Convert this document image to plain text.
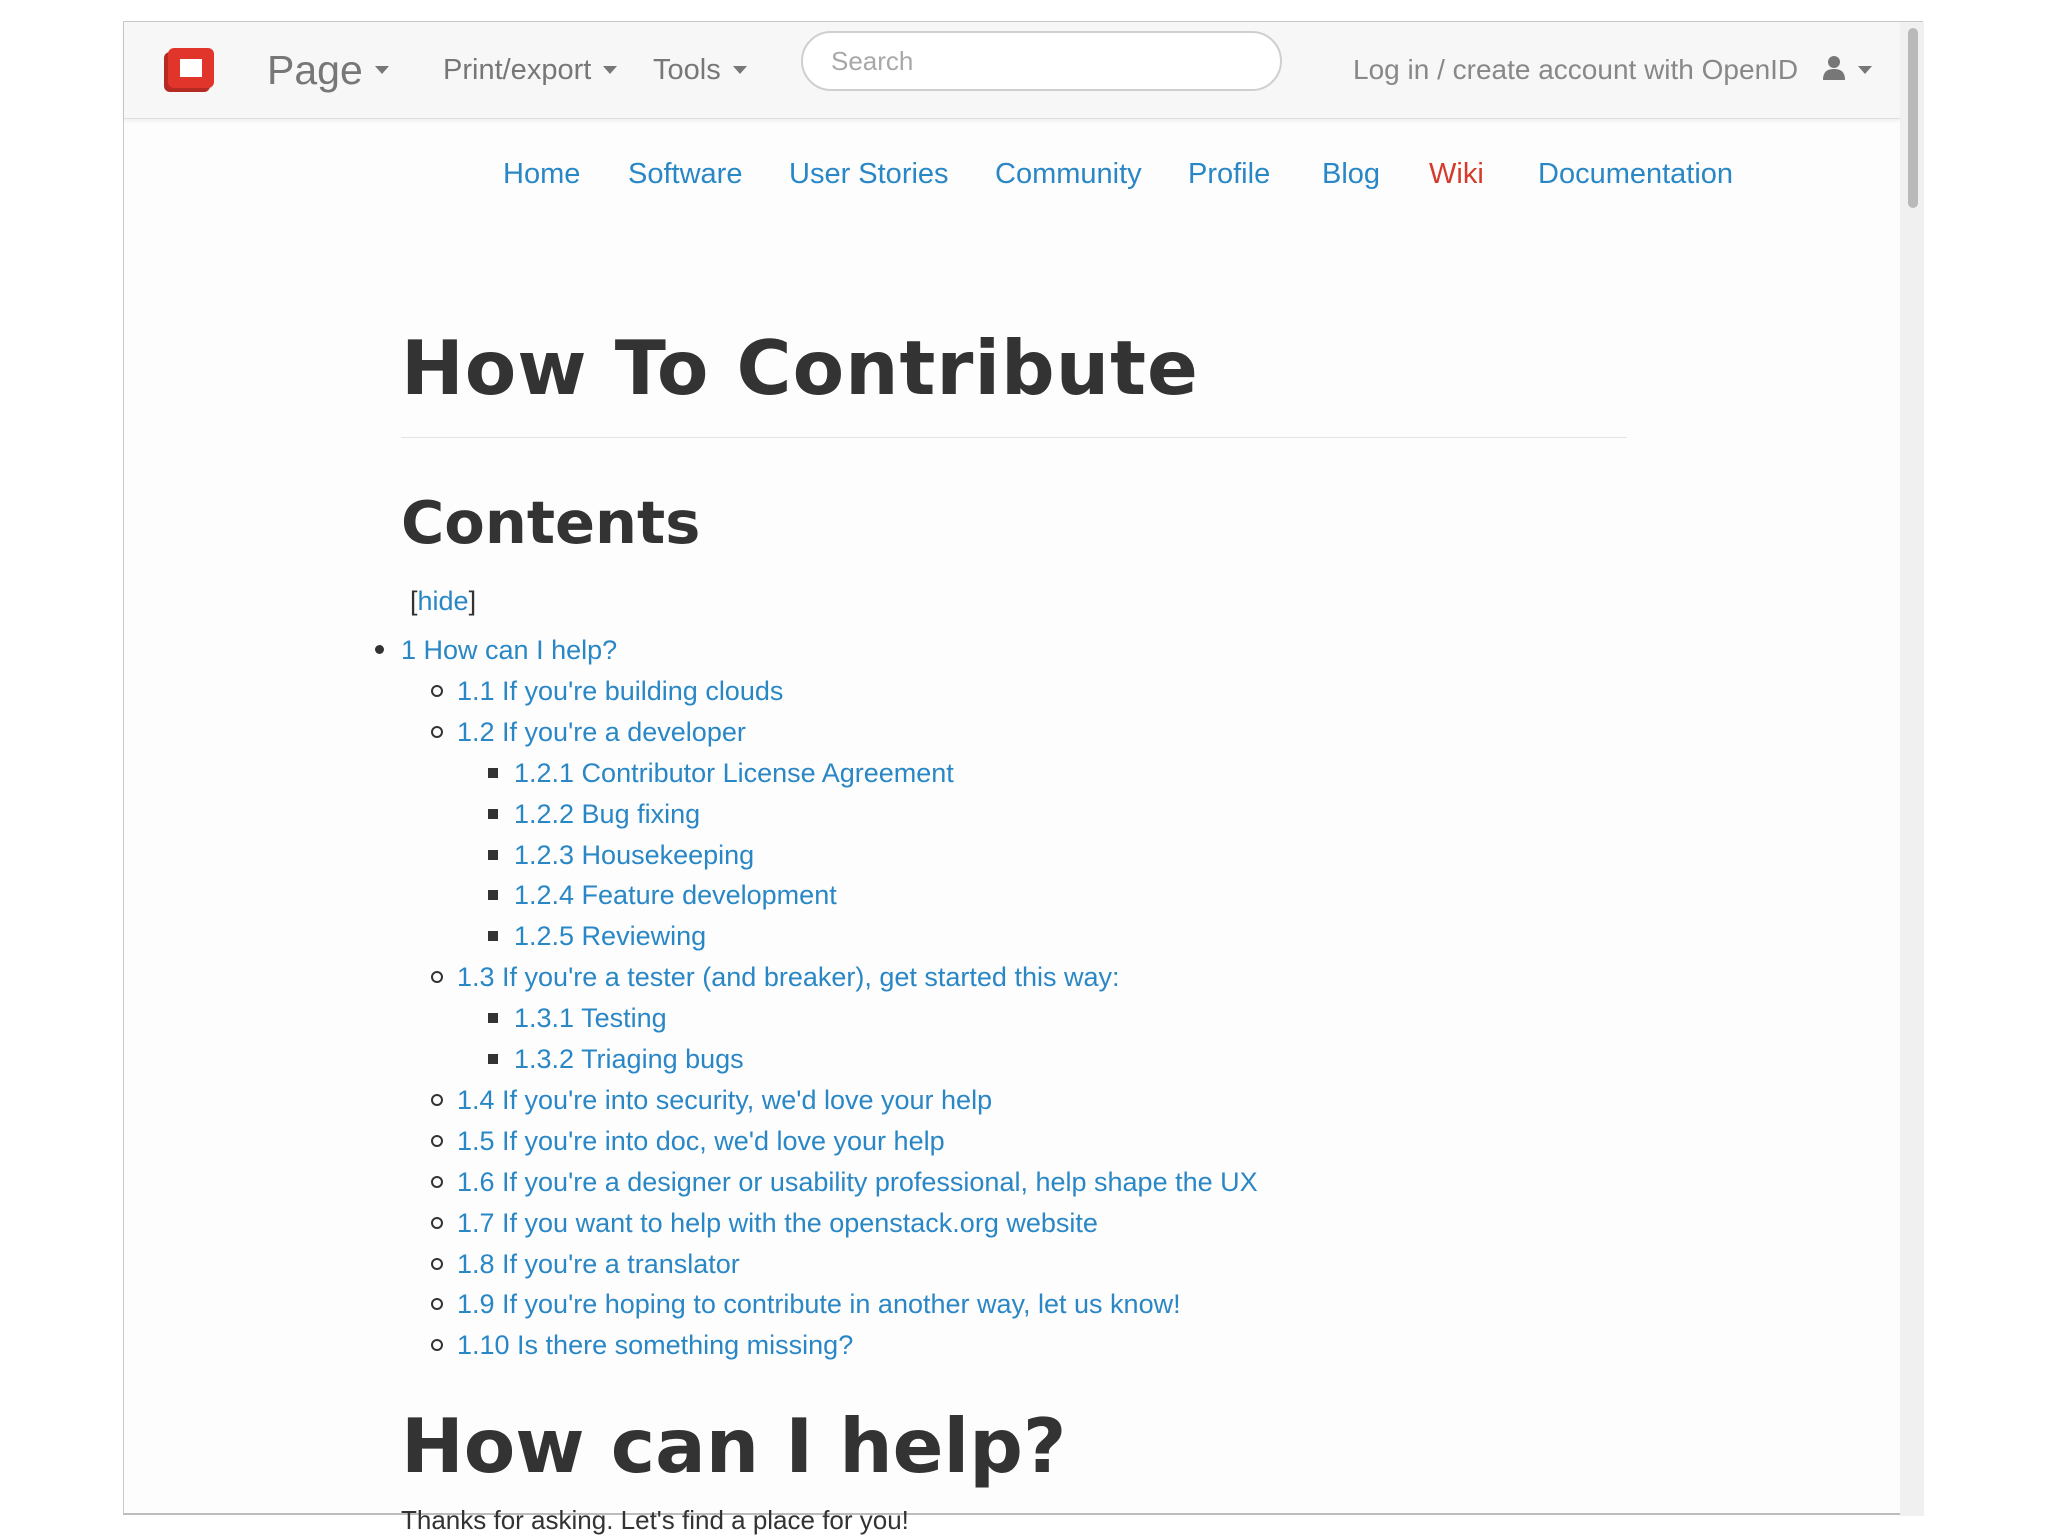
Page	Print/export Tools
Search	Log in / create account with OpenID
Home Software User Stories Community Profile Blog Wiki Documentation
How To Contribute
Contents
[hide]
1 How can I help?
1.1 If you're building clouds
1.2 If you're a developer
1.2.1 Contributor License Agreement
1.2.2 Bug fixing
1.2.3 Housekeeping
1.2.4 Feature development
1.2.5 Reviewing
1.3 If you're a tester (and breaker), get started this way:
1.3.1 Testing
1.3.2 Triaging bugs
1.4 If you're into security, we'd love your help
1.5 If you're into doc, we'd love your help
1.6 If you're a designer or usability professional, help shape the UX
1.7 If you want to help with the openstack.org website
1.8 If you're a translator
1.9 If you're hoping to contribute in another way, let us know!
1.10 Is there something missing?
How can I help?
Thanks for asking. Let's find a place for you!
